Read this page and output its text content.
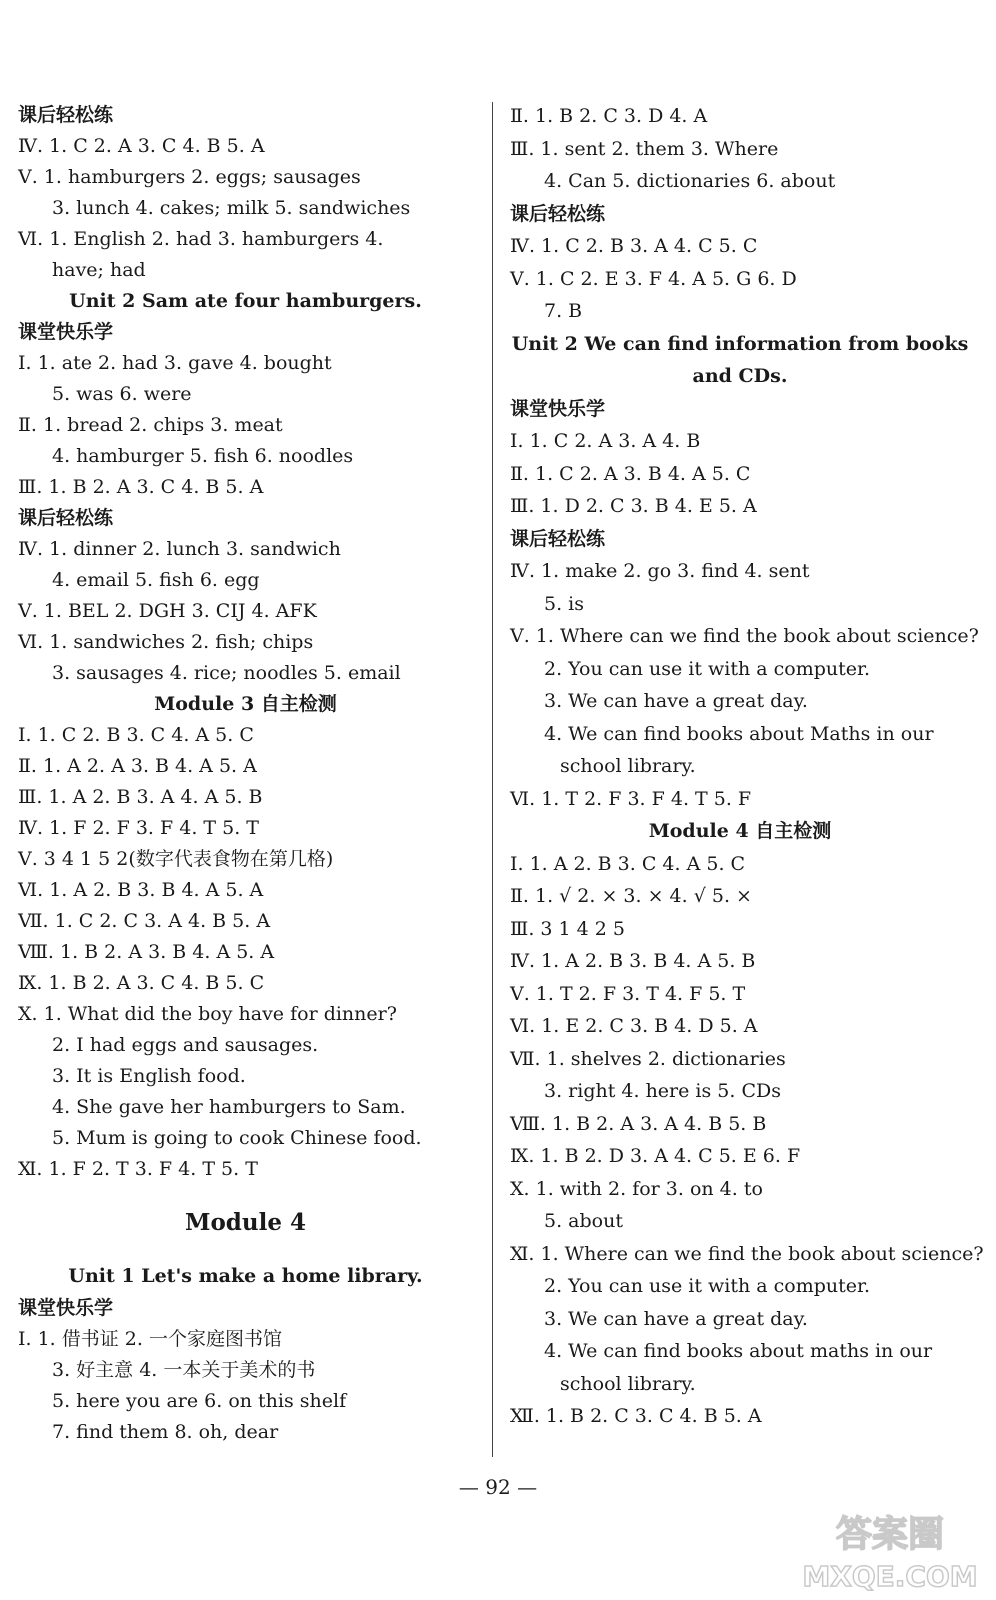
课后轻松练
Ⅳ. 1. C 2. A 3. C 4. B 5. A
Ⅴ. 1. hamburgers 2. eggs; sausages
3. lunch 4. cakes; milk 5. sandwiches
Ⅵ. 1. English 2. had 3. hamburgers 4.
have; had
Unit 2 Sam ate four hamburgers.
课堂快乐学
Ⅰ. 1. ate 2. had 3. gave 4. bought
5. was 6. were
Ⅱ. 1. bread 2. chips 3. meat
4. hamburger 5. fish 6. noodles
Ⅲ. 1. B 2. A 3. C 4. B 5. A
课后轻松练
Ⅳ. 1. dinner 2. lunch 3. sandwich
4. email 5. fish 6. egg
Ⅴ. 1. BEL 2. DGH 3. CIJ 4. AFK
Ⅵ. 1. sandwiches 2. fish; chips
3. sausages 4. rice; noodles 5. email
Module 3 自主检测
Ⅰ. 1. C 2. B 3. C 4. A 5. C
Ⅱ. 1. A 2. A 3. B 4. A 5. A
Ⅲ. 1. A 2. B 3. A 4. A 5. B
Ⅳ. 1. F 2. F 3. F 4. T 5. T
Ⅴ. 3 4 1 5 2(数字代表食物在第几格)
Ⅵ. 1. A 2. B 3. B 4. A 5. A
Ⅶ. 1. C 2. C 3. A 4. B 5. A
Ⅷ. 1. B 2. A 3. B 4. A 5. A
Ⅸ. 1. B 2. A 3. C 4. B 5. C
Ⅹ. 1. What did the boy have for dinner?
2. I had eggs and sausages.
3. It is English food.
4. She gave her hamburgers to Sam.
5. Mum is going to cook Chinese food.
Ⅺ. 1. F 2. T 3. F 4. T 5. T
Module 4
Unit 1 Let's make a home library.
课堂快乐学
Ⅰ. 1. 借书证 2. 一个家庭图书馆
3. 好主意 4. 一本关于美术的书
5. here you are 6. on this shelf
7. find them 8. oh, dear
Ⅱ. 1. B 2. C 3. D 4. A
Ⅲ. 1. sent 2. them 3. Where
4. Can 5. dictionaries 6. about
课后轻松练
Ⅳ. 1. C 2. B 3. A 4. C 5. C
Ⅴ. 1. C 2. E 3. F 4. A 5. G 6. D
7. B
Unit 2 We can find information from books
and CDs.
课堂快乐学
Ⅰ. 1. C 2. A 3. A 4. B
Ⅱ. 1. C 2. A 3. B 4. A 5. C
Ⅲ. 1. D 2. C 3. B 4. E 5. A
课后轻松练
Ⅳ. 1. make 2. go 3. find 4. sent
5. is
Ⅴ. 1. Where can we find the book about science?
2. You can use it with a computer.
3. We can have a great day.
4. We can find books about Maths in our
school library.
Ⅵ. 1. T 2. F 3. F 4. T 5. F
Module 4 自主检测
Ⅰ. 1. A 2. B 3. C 4. A 5. C
Ⅱ. 1. √ 2. × 3. × 4. √ 5. ×
Ⅲ. 3 1 4 2 5
Ⅳ. 1. A 2. B 3. B 4. A 5. B
Ⅴ. 1. T 2. F 3. T 4. F 5. T
Ⅵ. 1. E 2. C 3. B 4. D 5. A
Ⅶ. 1. shelves 2. dictionaries
3. right 4. here is 5. CDs
Ⅷ. 1. B 2. A 3. A 4. B 5. B
Ⅸ. 1. B 2. D 3. A 4. C 5. E 6. F
Ⅹ. 1. with 2. for 3. on 4. to
5. about
Ⅺ. 1. Where can we find the book about science?
2. You can use it with a computer.
3. We can have a great day.
4. We can find books about maths in our
school library.
Ⅻ. 1. B 2. C 3. C 4. B 5. A
— 92 —
答案圈
MXQE.COM
